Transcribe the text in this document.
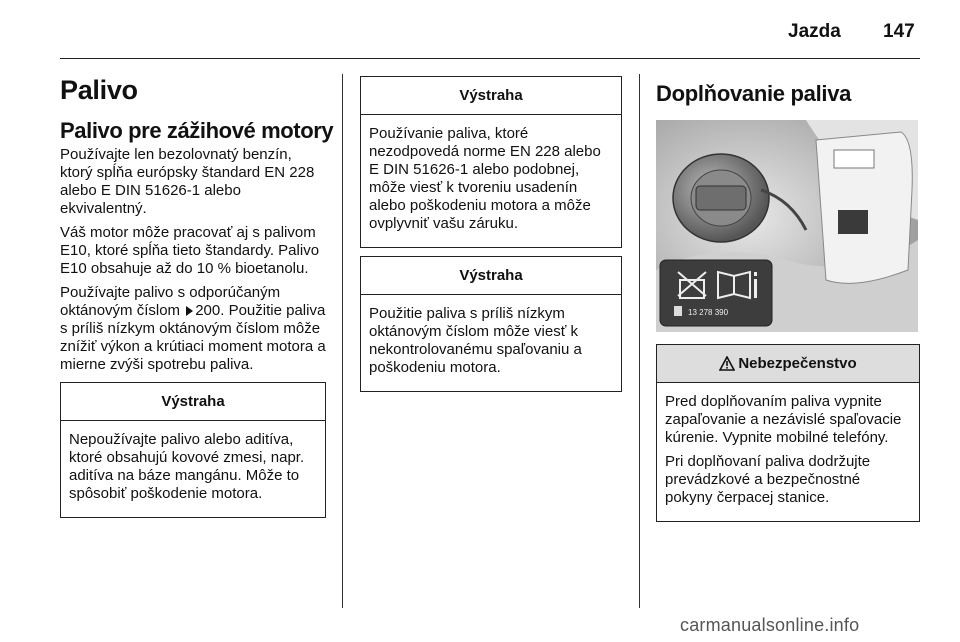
Jazda 147
Palivo
Palivo pre zážihové motory

Používajte len bezolovnatý benzín, ktorý spĺňa európsky štandard EN 228 alebo E DIN 51626-1 alebo ekvivalentný.

Váš motor môže pracovať aj s palivom E10, ktoré spĺňa tieto štandardy. Palivo E10 obsahuje až do 10 % bioetanolu.

Používajte palivo s odporúčaným oktánovým číslom 200. Použitie paliva s príliš nízkym oktánovým číslom môže znížiť výkon a krútiaci moment motora a mierne zvýši spotrebu paliva.

Výstraha

Nepoužívajte palivo alebo aditíva, ktoré obsahujú kovové zmesi, napr. aditíva na báze mangánu. Môže to spôsobiť poškodenie motora.

Výstraha

Používanie paliva, ktoré nezodpovedá norme EN 228 alebo E DIN 51626-1 alebo podobnej, môže viesť k tvoreniu usadenín alebo poškodeniu motora a môže ovplyvniť vašu záruku.

Výstraha

Použitie paliva s príliš nízkym oktánovým číslom môže viesť k nekontrolovanému spaľovaniu a poškodeniu motora.

Doplňovanie paliva
13 278 390
Nebezpečenstvo

Pred doplňovaním paliva vypnite zapaľovanie a nezávislé spaľovacie kúrenie. Vypnite mobilné telefóny.

Pri doplňovaní paliva dodržujte prevádzkové a bezpečnostné pokyny čerpacej stanice.

carmanualsonline.info
